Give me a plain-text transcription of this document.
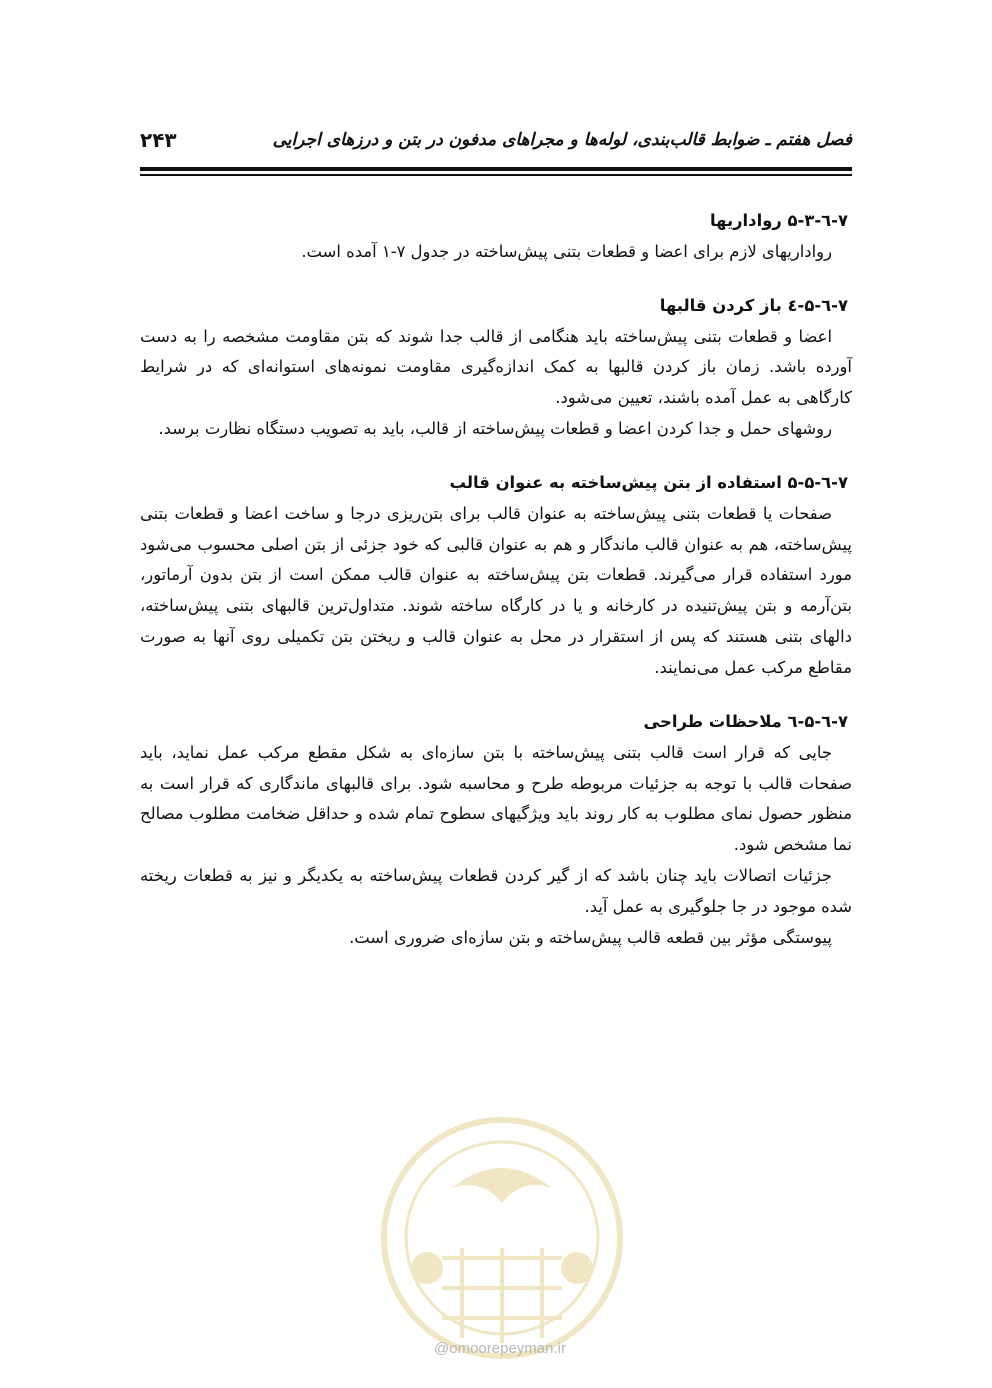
فصل هفتم ـ ضوابط قالب‌بندی، لوله‌ها و مجراهای مدفون در بتن و درزهای اجرایی
۲۴۳
۷-٦-۵-۳ رواداریها

رواداریهای لازم برای اعضا و قطعات بتنی پیش‌ساخته در جدول ۷-۱ آمده است.

۷-٦-۵-٤ باز کردن قالبها

اعضا و قطعات بتنی پیش‌ساخته باید هنگامی از قالب جدا شوند که بتن مقاومت مشخصه را به دست آورده باشد. زمان باز کردن قالبها به کمک اندازه‌گیری مقاومت نمونه‌های استوانه‌ای که در شرایط کارگاهی به عمل آمده باشند، تعیین می‌شود.

روشهای حمل و جدا کردن اعضا و قطعات پیش‌ساخته از قالب، باید به تصویب دستگاه نظارت برسد.

۷-٦-۵-۵ استفاده از بتن پیش‌ساخته به عنوان قالب

صفحات یا قطعات بتنی پیش‌ساخته به عنوان قالب برای بتن‌ریزی درجا و ساخت اعضا و قطعات بتنی پیش‌ساخته، هم به عنوان قالب ماندگار و هم به عنوان قالبی که خود جزئی از بتن اصلی محسوب می‌شود مورد استفاده قرار می‌گیرند. قطعات بتن پیش‌ساخته به عنوان قالب ممکن است از بتن بدون آرماتور، بتن‌آرمه و بتن پیش‌تنیده در کارخانه و یا در کارگاه ساخته شوند. متداول‌ترین قالبهای بتنی پیش‌ساخته، دالهای بتنی هستند که پس از استقرار در محل به عنوان قالب و ریختن بتن تکمیلی روی آنها به صورت مقاطع مرکب عمل می‌نمایند.

۷-٦-۵-٦ ملاحظات طراحی

جایی که قرار است قالب بتنی پیش‌ساخته با بتن سازه‌ای به شکل مقطع مرکب عمل نماید، باید صفحات قالب با توجه به جزئیات مربوطه طرح و محاسبه شود. برای قالبهای ماندگاری که قرار است به منظور حصول نمای مطلوب به کار روند باید ویژگیهای سطوح تمام شده و حداقل ضخامت مطلوب مصالح نما مشخص شود.

جزئیات اتصالات باید چنان باشد که از گیر کردن قطعات پیش‌ساخته به یکدیگر و نیز به قطعات ریخته شده موجود در جا جلوگیری به عمل آید.

پیوستگی مؤثر بین قطعه قالب پیش‌ساخته و بتن سازه‌ای ضروری است.

@omoorepeyman.ir
